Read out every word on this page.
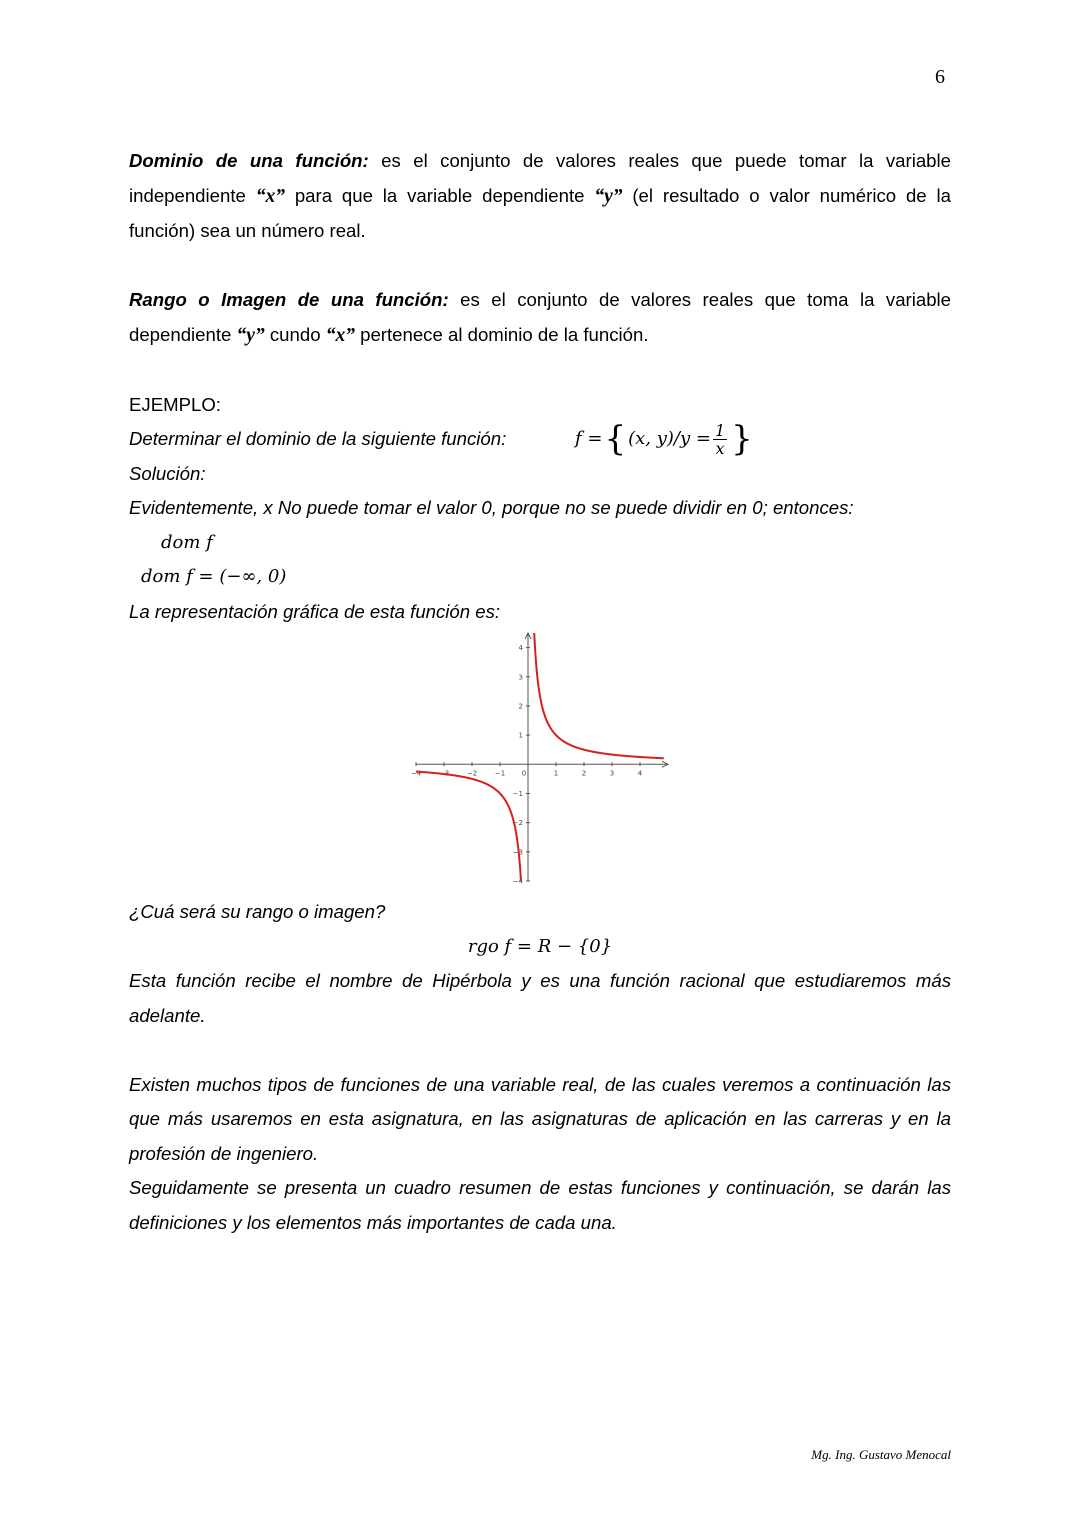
6

Dominio de una función: es el conjunto de valores reales que puede tomar la variable independiente “x” para que la variable dependiente “y” (el resultado o valor numérico de la función) sea un número real.

Rango o Imagen de una función: es el conjunto de valores reales que toma la variable dependiente “y” cundo “x” pertenece al dominio de la función.

EJEMPLO:

Determinar el dominio de la siguiente función:	f = { (x, $y)/y = \frac{1}{x}$ }

Solución:

Evidentemente, x No puede tomar el valor 0, porque no se puede dividir en 0; entonces:

dom f

dom f = (−∞, 0)

La representación gráfica de esta función es:

−4	−3	−2	−1 0	1	2	3	4
4
3
2
1
−1
−2
−3
−4

¿Cuá será su rango o imagen?

rgo f = R − {0}

Esta función recibe el nombre de Hipérbola y es una función racional que estudiaremos más adelante.

Existen muchos tipos de funciones de una variable real, de las cuales veremos a continuación las que más usaremos en esta asignatura, en las asignaturas de aplicación en las carreras y en la profesión de ingeniero.

Seguidamente se presenta un cuadro resumen de estas funciones y continuación, se darán las definiciones y los elementos más importantes de cada una.

Mg. Ing. Gustavo Menocal
